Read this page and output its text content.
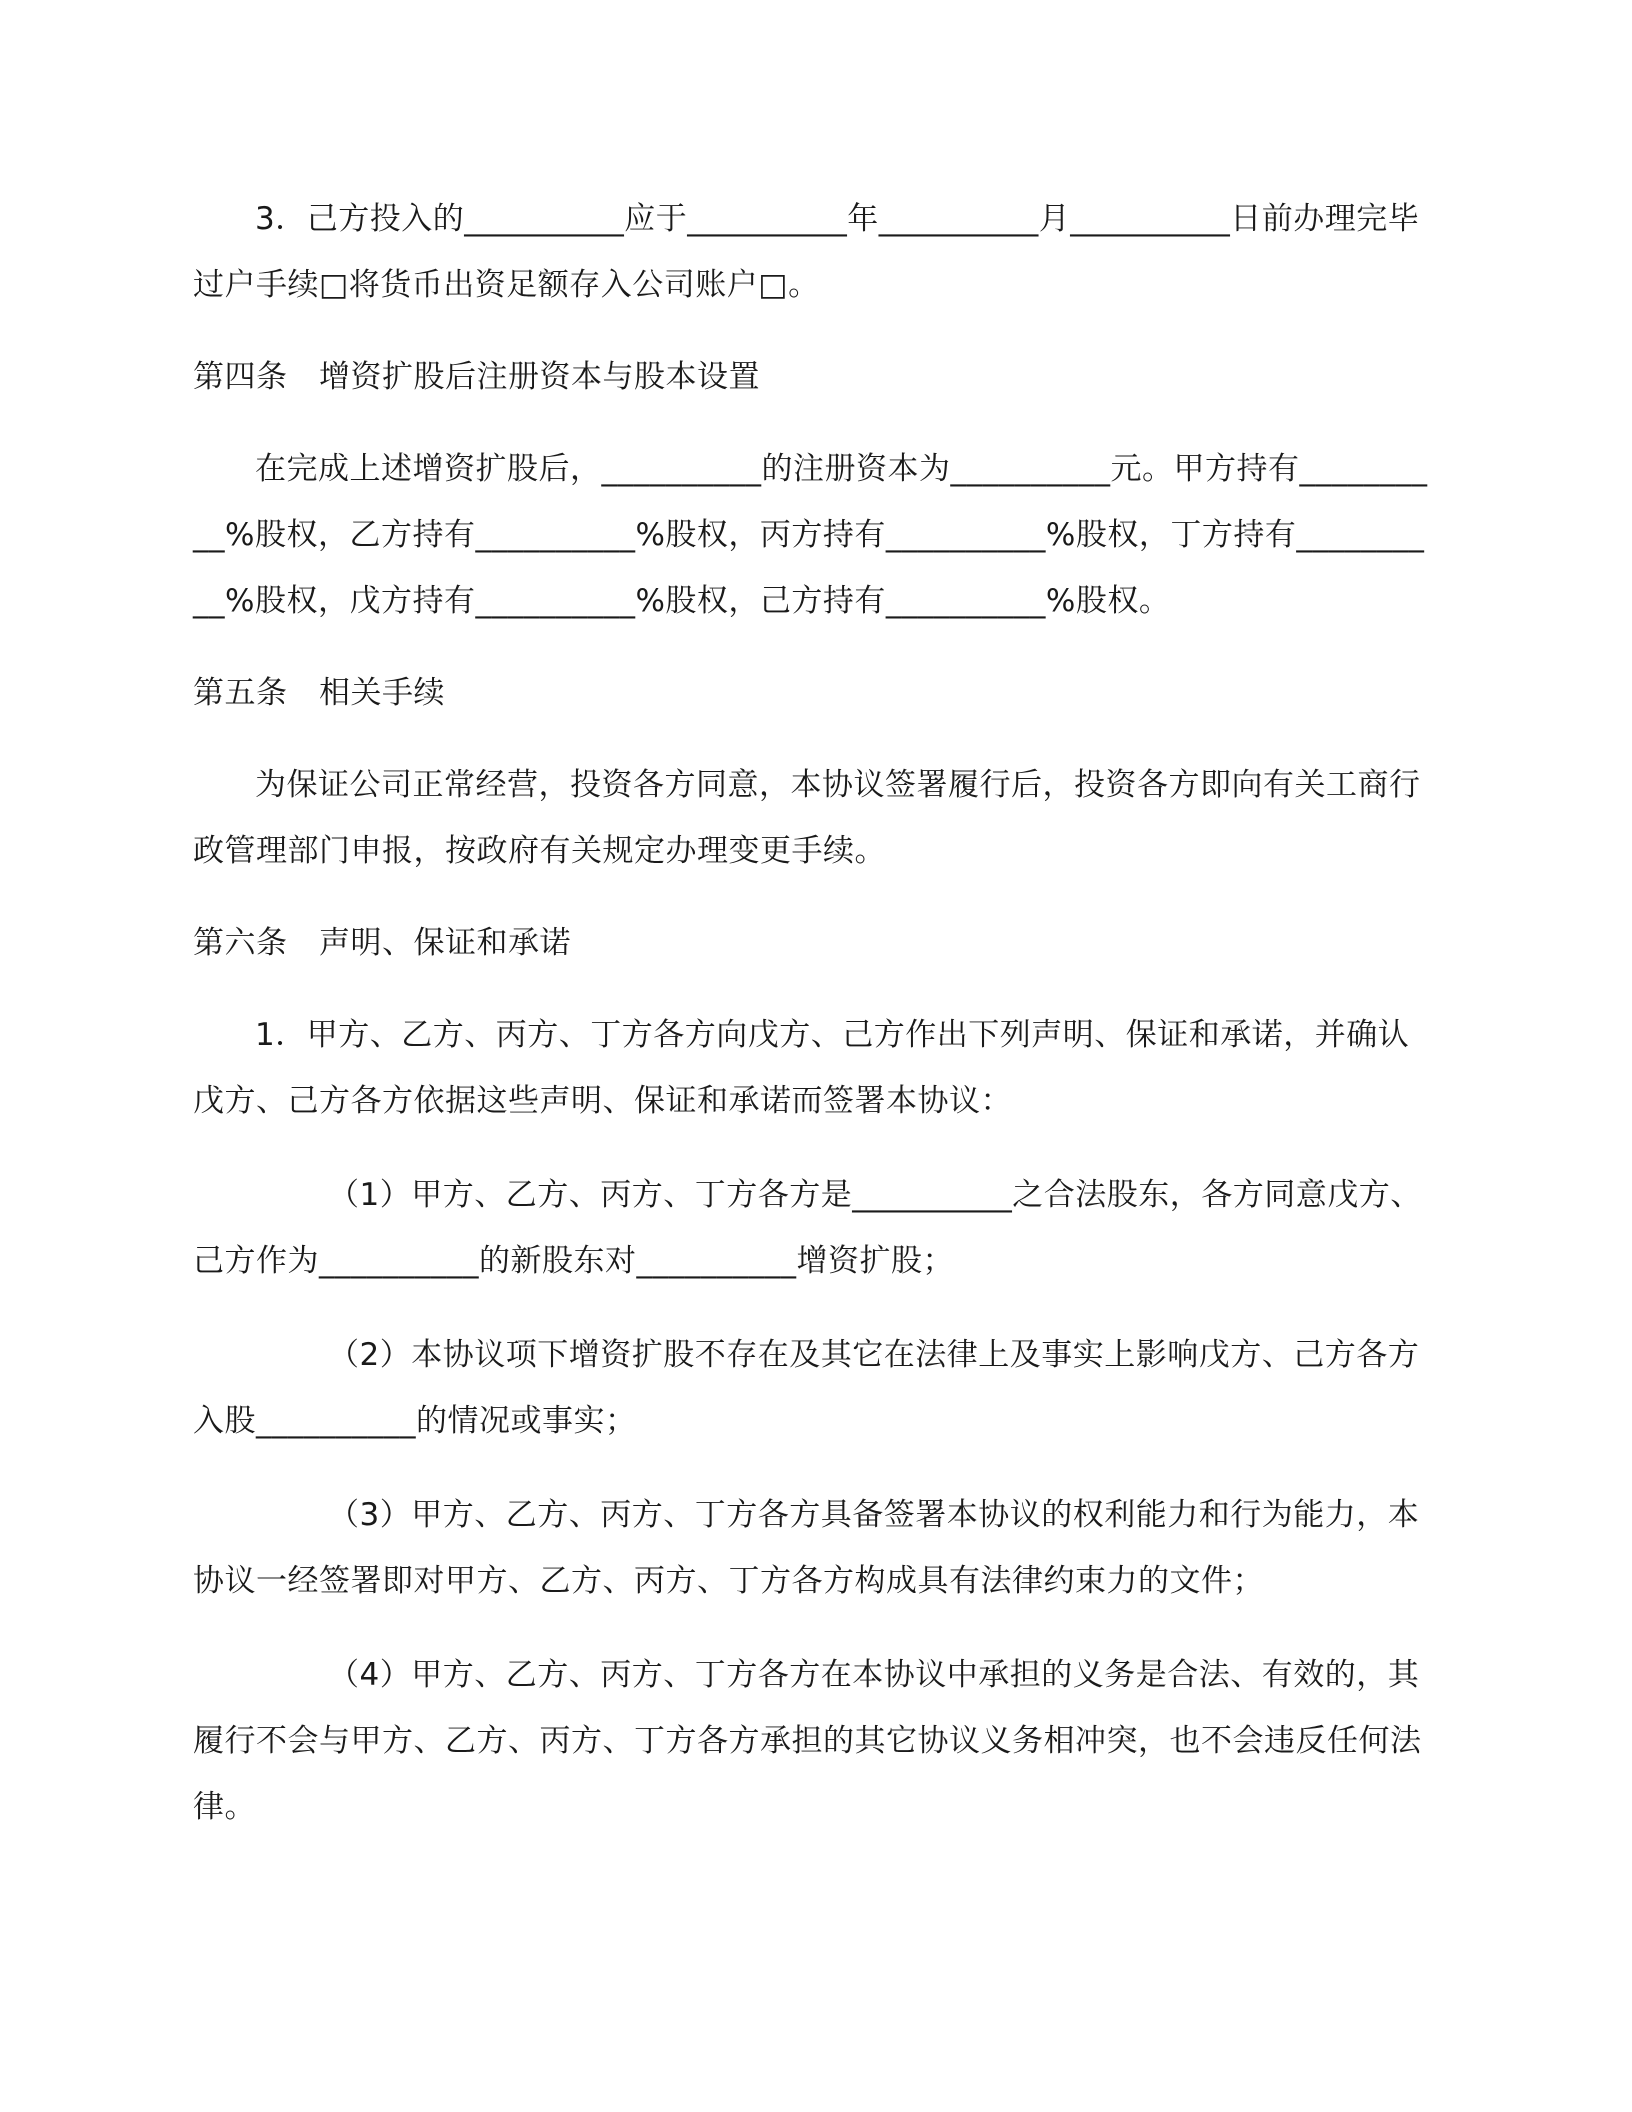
3．己方投入的__________应于__________年__________月__________日前办理完毕过户手续□将货币出资足额存入公司账户□。

第四条　增资扩股后注册资本与股本设置

在完成上述增资扩股后，__________的注册资本为__________元。甲方持有__________%股权，乙方持有__________%股权，丙方持有__________%股权，丁方持有__________%股权，戊方持有__________%股权，己方持有__________%股权。

第五条　相关手续

为保证公司正常经营，投资各方同意，本协议签署履行后，投资各方即向有关工商行政管理部门申报，按政府有关规定办理变更手续。

第六条　声明、保证和承诺

1．甲方、乙方、丙方、丁方各方向戊方、己方作出下列声明、保证和承诺，并确认戊方、己方各方依据这些声明、保证和承诺而签署本协议：

（1）甲方、乙方、丙方、丁方各方是__________之合法股东，各方同意戊方、己方作为__________的新股东对__________增资扩股；

（2）本协议项下增资扩股不存在及其它在法律上及事实上影响戊方、己方各方入股__________的情况或事实；

（3）甲方、乙方、丙方、丁方各方具备签署本协议的权利能力和行为能力，本协议一经签署即对甲方、乙方、丙方、丁方各方构成具有法律约束力的文件；

（4）甲方、乙方、丙方、丁方各方在本协议中承担的义务是合法、有效的，其履行不会与甲方、乙方、丙方、丁方各方承担的其它协议义务相冲突，也不会违反任何法律。
